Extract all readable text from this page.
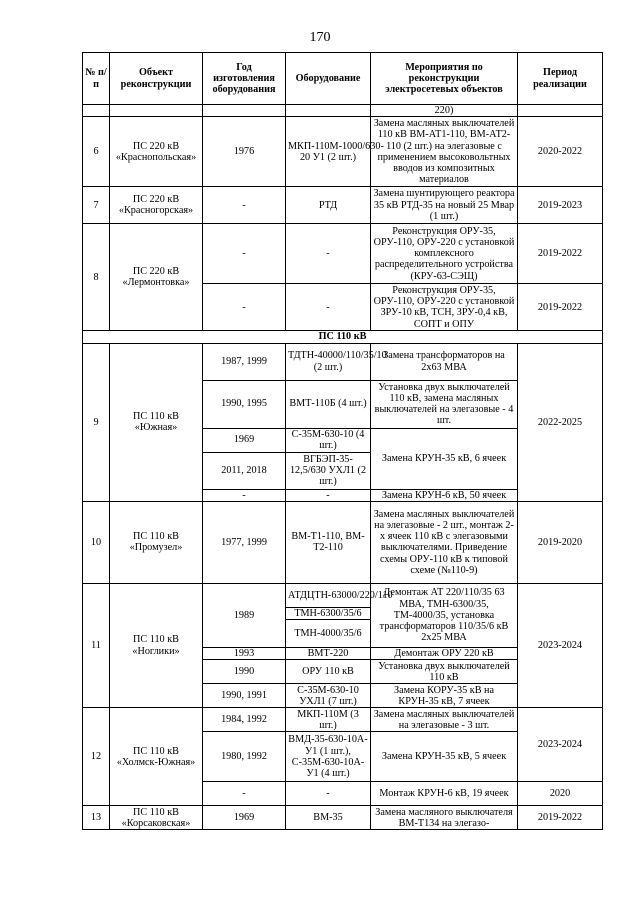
170
№ п/п	Объект реконструкции	Год изготовления оборудования	Оборудование	Мероприятия по реконструкции электросетевых объектов	Период реализации
				220)	
6	ПС 220 кВ «Краснопольская»	1976	МКП-110М-1000/630-20 У1 (2 шт.)	Замена масляных выключателей 110 кВ ВМ-АТ1-110, ВМ-АТ2-110 (2 шт.) на элегазовые с применением высоковольтных вводов из композитных материалов	2020-2022
7	ПС 220 кВ «Красногорская»	-	РТД	Замена шунтирующего реактора 35 кВ РТД-35 на новый 25 Мвар (1 шт.)	2019-2023
8	ПС 220 кВ «Лермонтовка»	-	-	Реконструкция ОРУ-35, ОРУ-110, ОРУ-220 с установкой комплексного распределительного устройства (КРУ-63-СЭЩ)	2019-2022
		-	-	Реконструкция ОРУ-35, ОРУ-110, ОРУ-220 с установкой ЗРУ-10 кВ, ТСН, ЗРУ-0,4 кВ, СОПТ и ОПУ	2019-2022
ПС 110 кВ					
9	ПС 110 кВ «Южная»	1987, 1999	ТДТН-40000/110/35/10 (2 шт.)	Замена трансформаторов на 2х63 МВА	2022-2025
		1990, 1995	ВМТ-110Б (4 шт.)	Установка двух выключателей 110 кВ, замена масляных выключателей на элегазовые - 4 шт.	
		1969	С-35М-630-10 (4 шт.)	Замена КРУН-35 кВ, 6 ячеек	
		2011, 2018	ВГБЭП-35-12,5/630 УХЛ1 (2 шт.)		
		-	-	Замена КРУН-6 кВ, 50 ячеек	
10	ПС 110 кВ «Промузел»	1977, 1999	ВМ-Т1-110, ВМ-Т2-110	Замена масляных выключателей на элегазовые - 2 шт., монтаж 2-х ячеек 110 кВ с элегазовыми выключателями. Приведение схемы ОРУ-110 кВ к типовой схеме (№110-9)	2019-2020
11	ПС 110 кВ «Ноглики»	1989	АТДЦТН-63000/220/110	Демонтаж АТ 220/110/35 63 МВА, ТМН-6300/35, ТМ-4000/35, установка трансформаторов 110/35/6 кВ 2х25 МВА	2023-2024
			ТМН-6300/35/6		
			ТМН-4000/35/6		
		1993	ВМТ-220	Демонтаж ОРУ 220 кВ	
		1990	ОРУ 110 кВ	Установка двух выключателей 110 кВ	
		1990, 1991	С-35М-630-10 УХЛ1 (7 шт.)	Замена КОРУ-35 кВ на КРУН-35 кВ, 7 ячеек	
12	ПС 110 кВ «Холмск-Южная»	1984, 1992	МКП-110М (3 шт.)	Замена масляных выключателей на элегазовые - 3 шт.	2023-2024
		1980, 1992	ВМД-35-630-10А-У1 (1 шт.), С-35М-630-10А-У1 (4 шт.)	Замена КРУН-35 кВ, 5 ячеек	
		-	-	Монтаж КРУН-6 кВ, 19 ячеек	2020
13	ПС 110 кВ «Корсаковская»	1969	ВМ-35	Замена масляного выключателя ВМ-Т134 на элегазо-	2019-2022
